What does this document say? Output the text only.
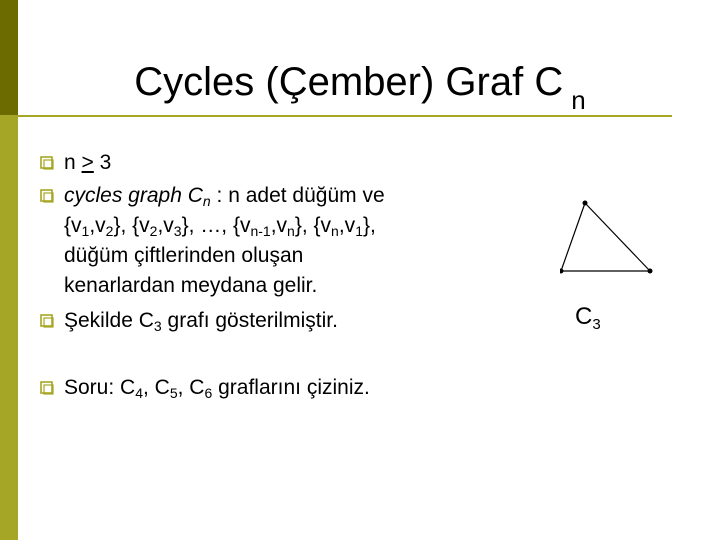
Cycles (Çember) Graf C $_n$
n > 3
cycles graph $C_n$ : n adet düğüm ve
$\{v_1,v_2\}$, $\{v_2,v_3\}$, …, $\{v_{n-1},v_n\}$, $\{v_n,v_1\}$,
düğüm çiftlerinden oluşan
kenarlardan meydana gelir.
Şekilde $C_3$ grafı gösterilmiştir.
Soru: $C_4$, $C_5$, $C_6$ graflarını çiziniz.
$C_3$
